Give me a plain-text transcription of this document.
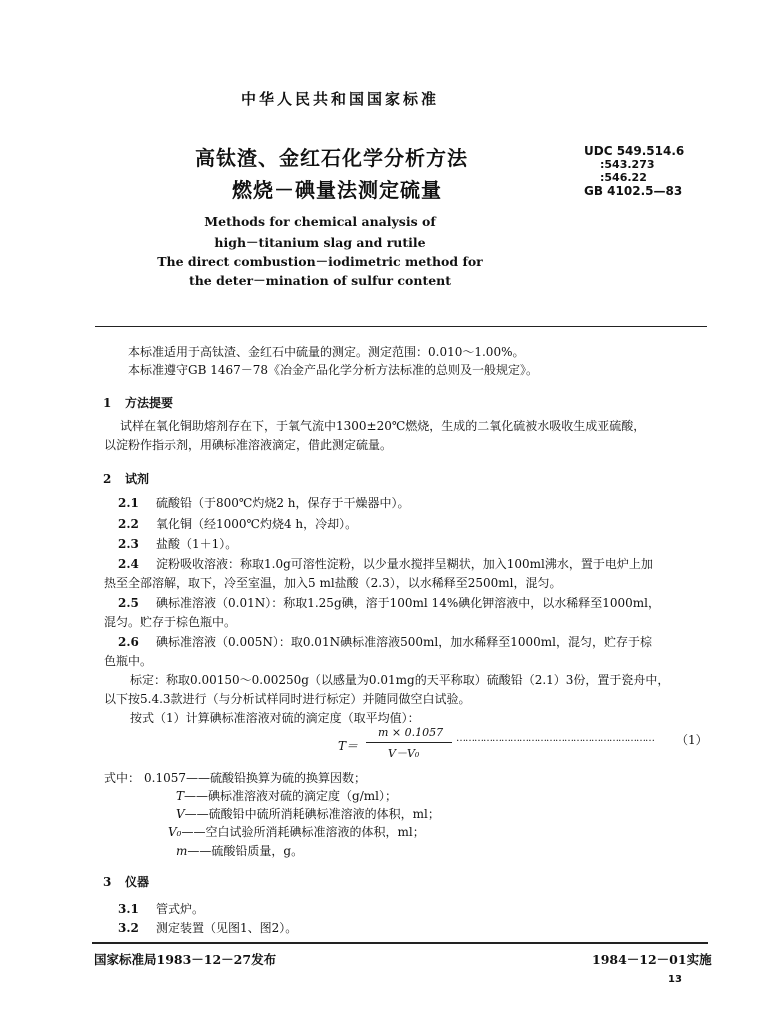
中华人民共和国国家标准
高钛渣、金红石化学分析方法
燃烧－碘量法测定硫量
Methods for chemical analysis of
high－titanium slag and rutile
The direct combustion－iodimetric method for
the deter－mination of sulfur content
UDC 549.514.6
:543.273
:546.22
GB 4102.5—83
本标准适用于高钛渣、金红石中硫量的测定。测定范围：0.010～1.00%。
本标准遵守GB 1467－78《冶金产品化学分析方法标准的总则及一般规定》。
1 方法提要
试样在氧化铜助熔剂存在下，于氧气流中1300±20℃燃烧，生成的二氧化硫被水吸收生成亚硫酸，
以淀粉作指示剂，用碘标准溶液滴定，借此测定硫量。
2 试剂
2.1 硫酸铅（于800℃灼烧2 h，保存于干燥器中）。
2.2 氧化铜（经1000℃灼烧4 h，冷却）。
2.3 盐酸（1＋1）。
2.4 淀粉吸收溶液：称取1.0g可溶性淀粉，以少量水搅拌呈糊状，加入100ml沸水，置于电炉上加
热至全部溶解，取下，冷至室温，加入5 ml盐酸（2.3），以水稀释至2500ml，混匀。
2.5 碘标准溶液（0.01N）：称取1.25g碘，溶于100ml 14%碘化钾溶液中，以水稀释至1000ml，
混匀。贮存于棕色瓶中。
2.6 碘标准溶液（0.005N）：取0.01N碘标准溶液500ml，加水稀释至1000ml，混匀，贮存于棕
色瓶中。
标定：称取0.00150～0.00250g（以感量为0.01mg的天平称取）硫酸铅（2.1）3份，置于瓷舟中，
以下按5.4.3款进行（与分析试样同时进行标定）并随同做空白试验。
按式（1）计算碘标准溶液对硫的滴定度（取平均值）：
T＝
m × 0.1057
V－V₀
…………………………………………………………	（1）
式中： 0.1057——硫酸铅换算为硫的换算因数；
T——碘标准溶液对硫的滴定度（g/ml）；
V——硫酸铅中硫所消耗碘标准溶液的体积，ml；
V₀——空白试验所消耗碘标准溶液的体积，ml；
m——硫酸铅质量，g。
3 仪器
3.1 管式炉。
3.2 测定装置（见图1、图2）。
国家标准局1983－12－27发布	1984－12－01实施
13
